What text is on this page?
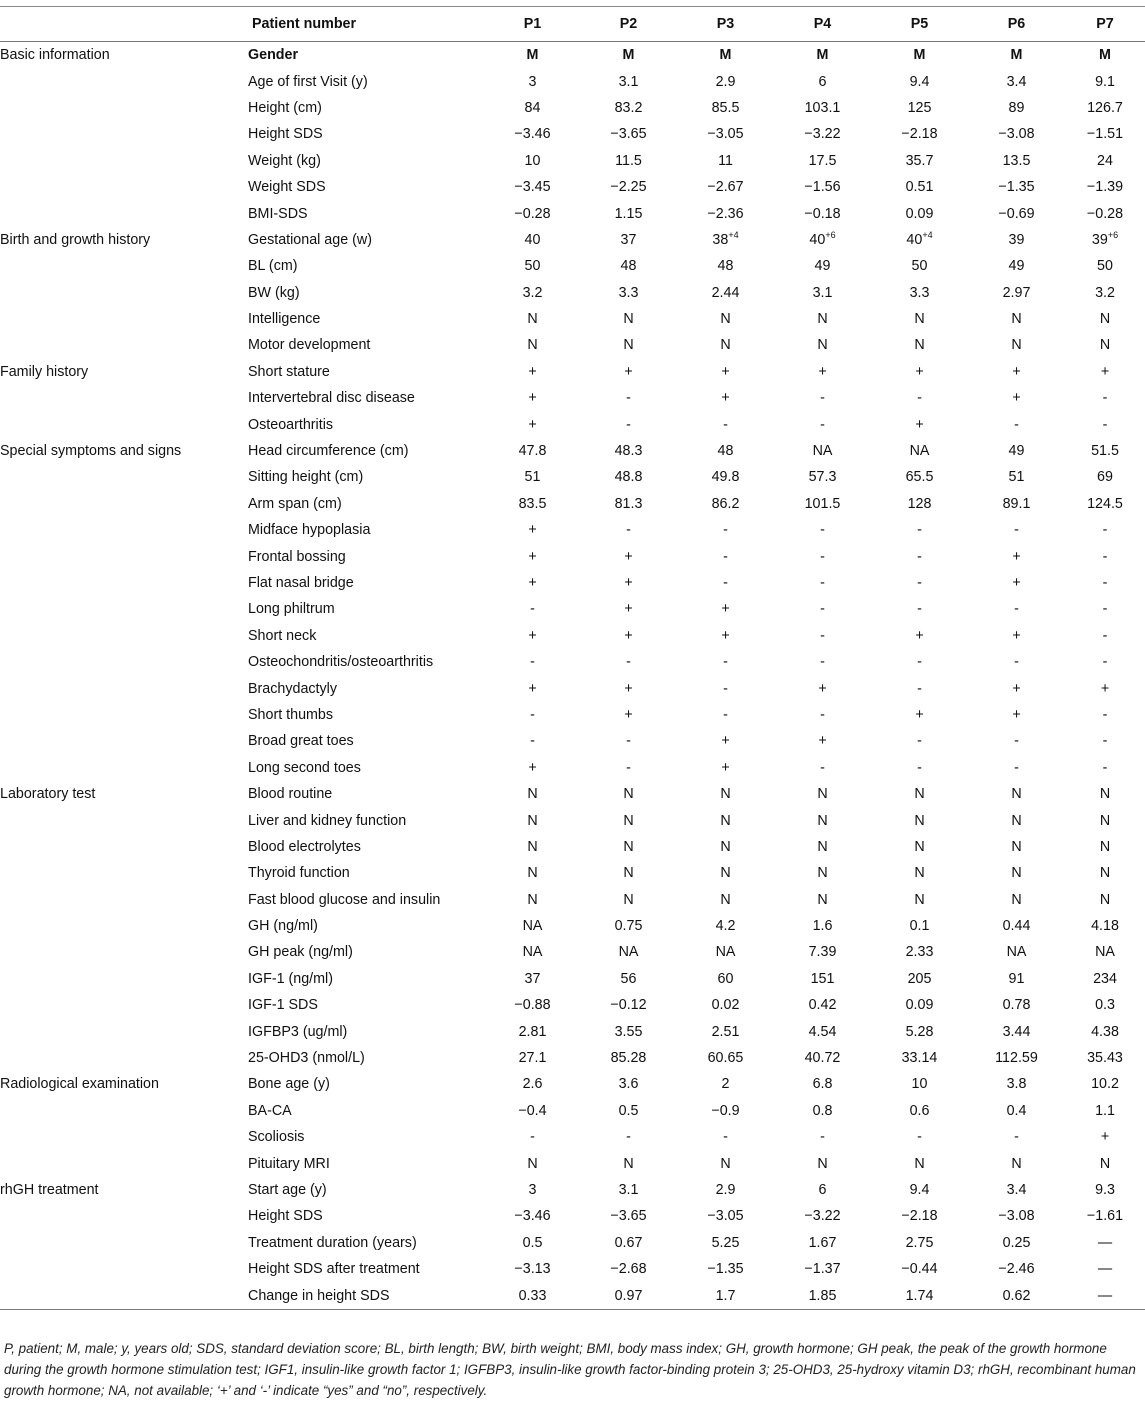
	Patient number	P1	P2	P3	P4	P5	P6	P7
Basic information	Gender	M	M	M	M	M	M	M
	Age of first Visit (y)	3	3.1	2.9	6	9.4	3.4	9.1
	Height (cm)	84	83.2	85.5	103.1	125	89	126.7
	Height SDS	−3.46	−3.65	−3.05	−3.22	−2.18	−3.08	−1.51
	Weight (kg)	10	11.5	11	17.5	35.7	13.5	24
	Weight SDS	−3.45	−2.25	−2.67	−1.56	0.51	−1.35	−1.39
	BMI-SDS	−0.28	1.15	−2.36	−0.18	0.09	−0.69	−0.28
Birth and growth history	Gestational age (w)	40	37	$38^{+4}$	$40^{+6}$	$40^{+4}$	39	$39^{+6}$
	BL (cm)	50	48	48	49	50	49	50
	BW (kg)	3.2	3.3	2.44	3.1	3.3	2.97	3.2
	Intelligence	N	N	N	N	N	N	N
	Motor development	N	N	N	N	N	N	N
Family history	Short stature	+	+	+	+	+	+	+
	Intervertebral disc disease	+	-	+	-	-	+	-
	Osteoarthritis	+	-	-	-	+	-	-
Special symptoms and signs	Head circumference (cm)	47.8	48.3	48	NA	NA	49	51.5
	Sitting height (cm)	51	48.8	49.8	57.3	65.5	51	69
	Arm span (cm)	83.5	81.3	86.2	101.5	128	89.1	124.5
	Midface hypoplasia	+	-	-	-	-	-	-
	Frontal bossing	+	+	-	-	-	+	-
	Flat nasal bridge	+	+	-	-	-	+	-
	Long philtrum	-	+	+	-	-	-	-
	Short neck	+	+	+	-	+	+	-
	Osteochondritis/osteoarthritis	-	-	-	-	-	-	-
	Brachydactyly	+	+	-	+	-	+	+
	Short thumbs	-	+	-	-	+	+	-
	Broad great toes	-	-	+	+	-	-	-
	Long second toes	+	-	+	-	-	-	-
Laboratory test	Blood routine	N	N	N	N	N	N	N
	Liver and kidney function	N	N	N	N	N	N	N
	Blood electrolytes	N	N	N	N	N	N	N
	Thyroid function	N	N	N	N	N	N	N
	Fast blood glucose and insulin	N	N	N	N	N	N	N
	GH (ng/ml)	NA	0.75	4.2	1.6	0.1	0.44	4.18
	GH peak (ng/ml)	NA	NA	NA	7.39	2.33	NA	NA
	IGF-1 (ng/ml)	37	56	60	151	205	91	234
	IGF-1 SDS	−0.88	−0.12	0.02	0.42	0.09	0.78	0.3
	IGFBP3 (ug/ml)	2.81	3.55	2.51	4.54	5.28	3.44	4.38
	25-OHD3 (nmol/L)	27.1	85.28	60.65	40.72	33.14	112.59	35.43
Radiological examination	Bone age (y)	2.6	3.6	2	6.8	10	3.8	10.2
	BA-CA	−0.4	0.5	−0.9	0.8	0.6	0.4	1.1
	Scoliosis	-	-	-	-	-	-	+
	Pituitary MRI	N	N	N	N	N	N	N
rhGH treatment	Start age (y)	3	3.1	2.9	6	9.4	3.4	9.3
	Height SDS	−3.46	−3.65	−3.05	−3.22	−2.18	−3.08	−1.61
	Treatment duration (years)	0.5	0.67	5.25	1.67	2.75	0.25	—
	Height SDS after treatment	−3.13	−2.68	−1.35	−1.37	−0.44	−2.46	—
	Change in height SDS	0.33	0.97	1.7	1.85	1.74	0.62	—
P, patient; M, male; y, years old; SDS, standard deviation score; BL, birth length; BW, birth weight; BMI, body mass index; GH, growth hormone; GH peak, the peak of the growth hormone during the growth hormone stimulation test; IGF1, insulin-like growth factor 1; IGFBP3, insulin-like growth factor-binding protein 3; 25-OHD3, 25-hydroxy vitamin D3; rhGH, recombinant human growth hormone; NA, not available; ‘+’ and ‘-’ indicate “yes” and “no”, respectively.
